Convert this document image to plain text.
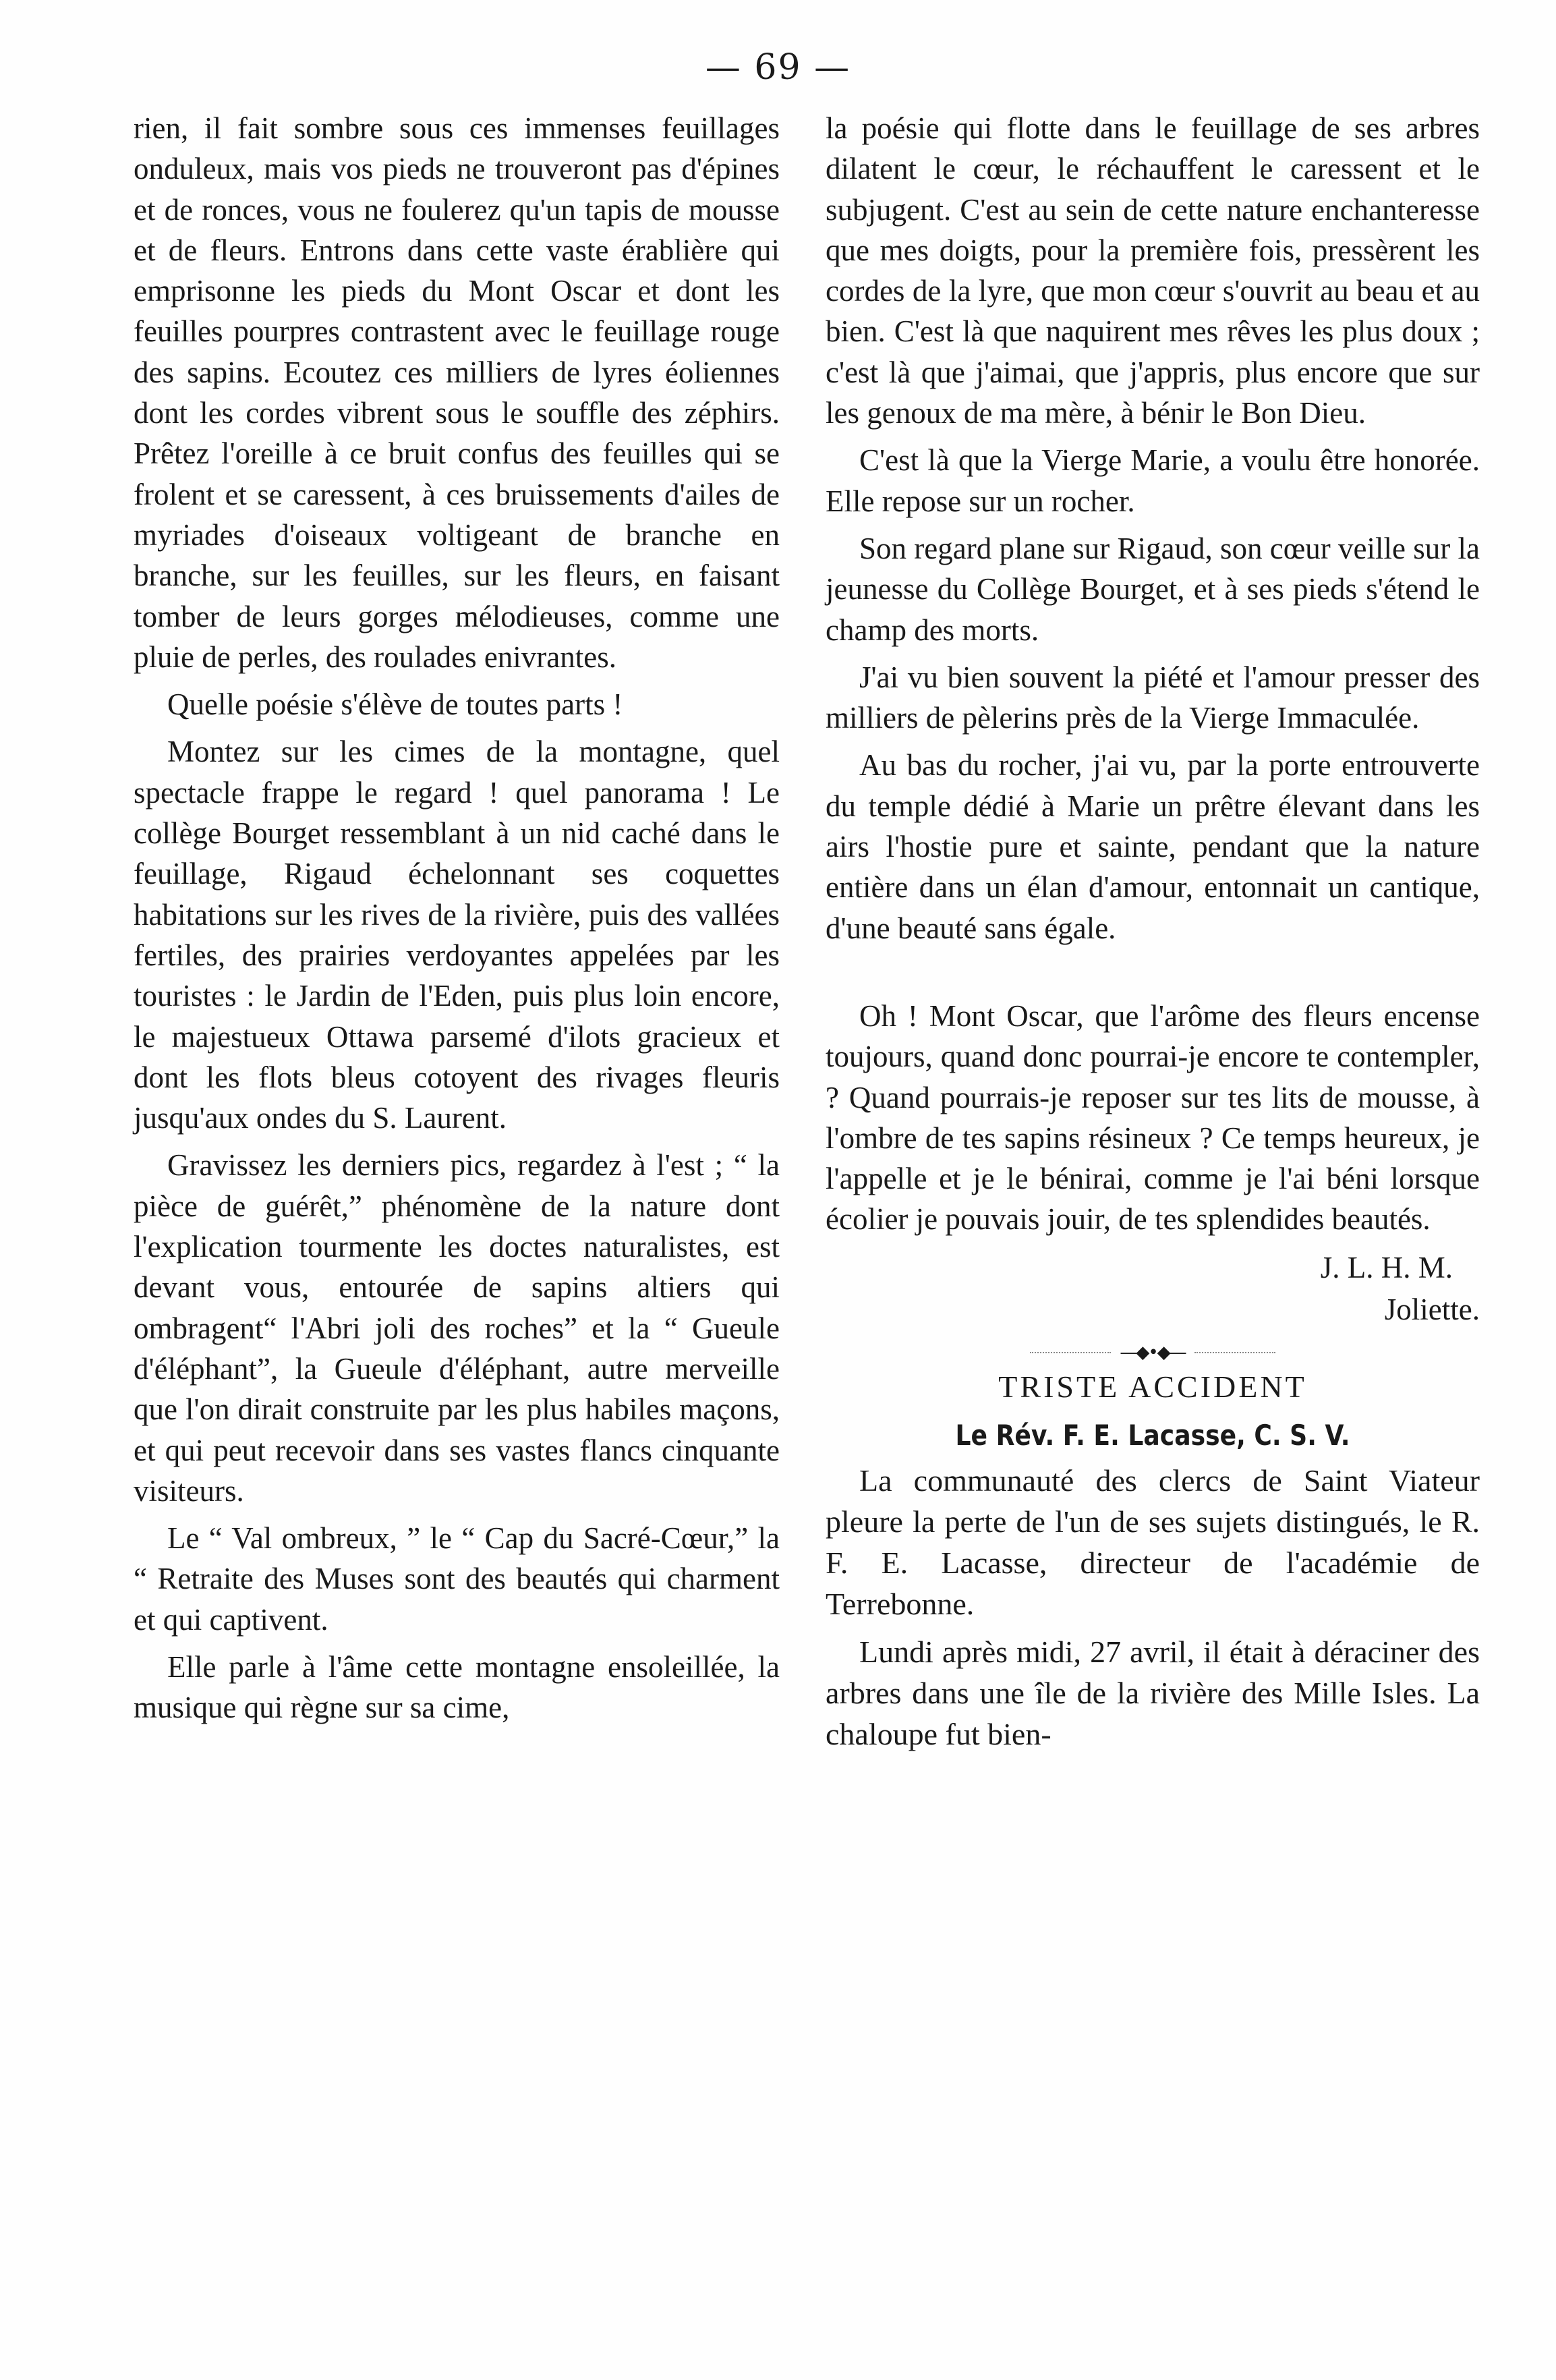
— 69 —

rien, il fait sombre sous ces immenses feuillages onduleux, mais vos pieds ne trouveront pas d'épines et de ronces, vous ne foulerez qu'un tapis de mousse et de fleurs. Entrons dans cette vaste érablière qui emprisonne les pieds du Mont Oscar et dont les feuilles pourpres contrastent avec le feuillage rouge des sapins. Ecoutez ces milliers de lyres éoliennes dont les cordes vibrent sous le souffle des zéphirs. Prêtez l'oreille à ce bruit confus des feuilles qui se frolent et se caressent, à ces bruissements d'ailes de myriades d'oiseaux voltigeant de branche en branche, sur les feuilles, sur les fleurs, en faisant tomber de leurs gorges mélodieuses, comme une pluie de perles, des roulades enivrantes.

Quelle poésie s'élève de toutes parts !

Montez sur les cimes de la montagne, quel spectacle frappe le regard ! quel panorama ! Le collège Bourget ressemblant à un nid caché dans le feuillage, Rigaud échelonnant ses coquettes habitations sur les rives de la rivière, puis des vallées fertiles, des prairies verdoyantes appelées par les touristes : le Jardin de l'Eden, puis plus loin encore, le majestueux Ottawa parsemé d'ilots gracieux et dont les flots bleus cotoyent des rivages fleuris jusqu'aux ondes du S. Laurent.

Gravissez les derniers pics, regardez à l'est ; “ la pièce de guérêt,” phénomène de la nature dont l'explication tourmente les doctes naturalistes, est devant vous, entourée de sapins altiers qui ombragent“ l'Abri joli des roches” et la “ Gueule d'éléphant”, la Gueule d'éléphant, autre merveille que l'on dirait construite par les plus habiles maçons, et qui peut recevoir dans ses vastes flancs cinquante visiteurs.

Le “ Val ombreux, ” le “ Cap du Sacré-Cœur,” la “ Retraite des Muses sont des beautés qui charment et qui captivent.

Elle parle à l'âme cette montagne ensoleillée, la musique qui règne sur sa cime,

la poésie qui flotte dans le feuillage de ses arbres dilatent le cœur, le réchauffent le caressent et le subjugent. C'est au sein de cette nature enchanteresse que mes doigts, pour la première fois, pressèrent les cordes de la lyre, que mon cœur s'ouvrit au beau et au bien. C'est là que naquirent mes rêves les plus doux ; c'est là que j'aimai, que j'appris, plus encore que sur les genoux de ma mère, à bénir le Bon Dieu.

C'est là que la Vierge Marie, a voulu être honorée. Elle repose sur un rocher.

Son regard plane sur Rigaud, son cœur veille sur la jeunesse du Collège Bourget, et à ses pieds s'étend le champ des morts.

J'ai vu bien souvent la piété et l'amour presser des milliers de pèlerins près de la Vierge Immaculée.

Au bas du rocher, j'ai vu, par la porte entrouverte du temple dédié à Marie un prêtre élevant dans les airs l'hostie pure et sainte, pendant que la nature entière dans un élan d'amour, entonnait un cantique, d'une beauté sans égale.

Oh ! Mont Oscar, que l'arôme des fleurs encense toujours, quand donc pourrai-je encore te contempler, ? Quand pourrais-je reposer sur tes lits de mousse, à l'ombre de tes sapins résineux ? Ce temps heureux, je l'appelle et je le bénirai, comme je l'ai béni lorsque écolier je pouvais jouir, de tes splendides beautés.

J. L. H. M.

Joliette.

—◆•◆—
TRISTE ACCIDENT
Le Rév. F. E. Lacasse, C. S. V.

La communauté des clercs de Saint Viateur pleure la perte de l'un de ses sujets distingués, le R. F. E. Lacasse, directeur de l'académie de Terrebonne.

Lundi après midi, 27 avril, il était à déraciner des arbres dans une île de la rivière des Mille Isles. La chaloupe fut bien-
